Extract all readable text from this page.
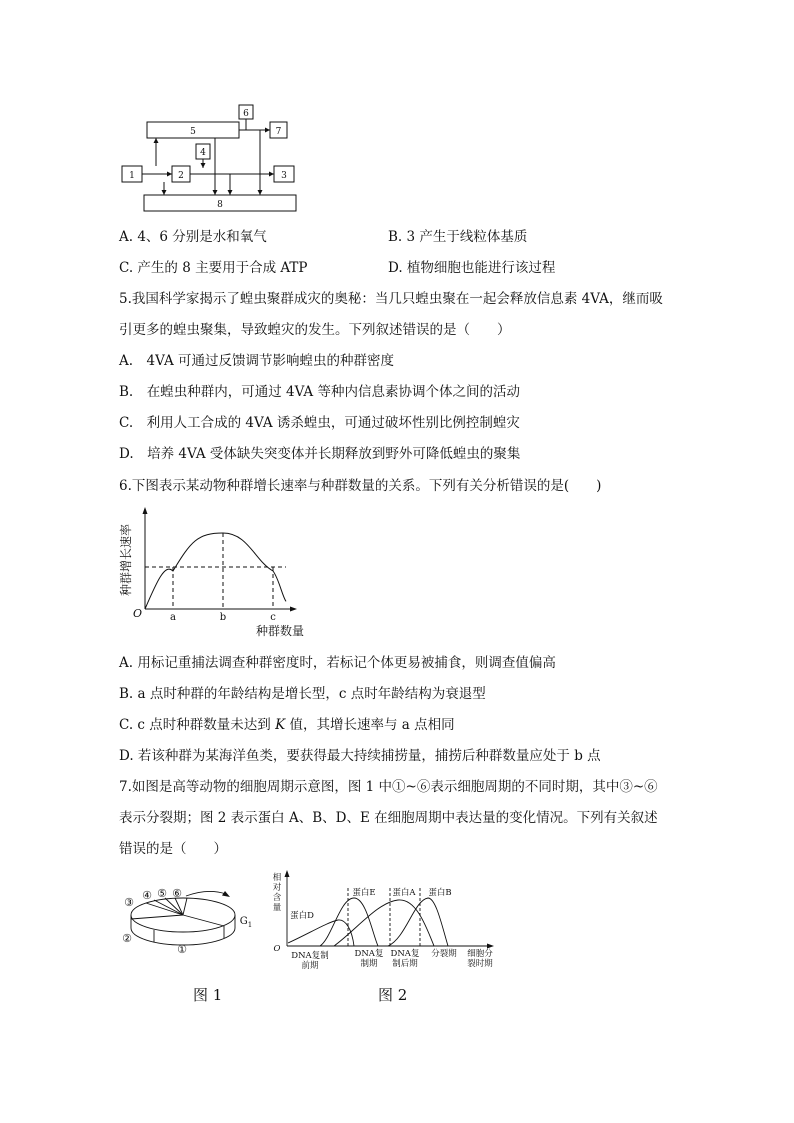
5
6
7
4
1	2	3
8
A. 4、6 分别是水和氧气	B. 3 产生于线粒体基质
C. 产生的 8 主要用于合成 ATP	D. 植物细胞也能进行该过程
5.我国科学家揭示了蝗虫聚群成灾的奥秘：当几只蝗虫聚在一起会释放信息素 4VA，继而吸
引更多的蝗虫聚集，导致蝗灾的发生。下列叙述错误的是（　　）
A.　4VA 可通过反馈调节影响蝗虫的种群密度
B.　在蝗虫种群内，可通过 4VA 等种内信息素协调个体之间的活动
C.　利用人工合成的 4VA 诱杀蝗虫，可通过破坏性别比例控制蝗灾
D.　培养 4VA 受体缺失突变体并长期释放到野外可降低蝗虫的聚集
6.下图表示某动物种群增长速率与种群数量的关系。下列有关分析错误的是(　　)
种群增长速率
O	a	b	c
种群数量
A. 用标记重捕法调查种群密度时，若标记个体更易被捕食，则调查值偏高
B. a 点时种群的年龄结构是增长型，c 点时年龄结构为衰退型
C. c 点时种群数量未达到 K 值，其增长速率与 a 点相同
D. 若该种群为某海洋鱼类，要获得最大持续捕捞量，捕捞后种群数量应处于 b 点
7.如图是高等动物的细胞周期示意图，图 1 中①~⑥表示细胞周期的不同时期，其中③~⑥
表示分裂期；图 2 表示蛋白 A、B、D、E 在细胞周期中表达量的变化情况。下列有关叙述
错误的是（　　）
③
④ ⑤ ⑥
②
①
$G_1$
图 1
相
对
含
量
O
蛋白D
蛋白E 蛋白A 蛋白B
DNA复制
前期
DNA复
制期
DNA复
制后期
分裂期 细胞分
裂时期
图 2
